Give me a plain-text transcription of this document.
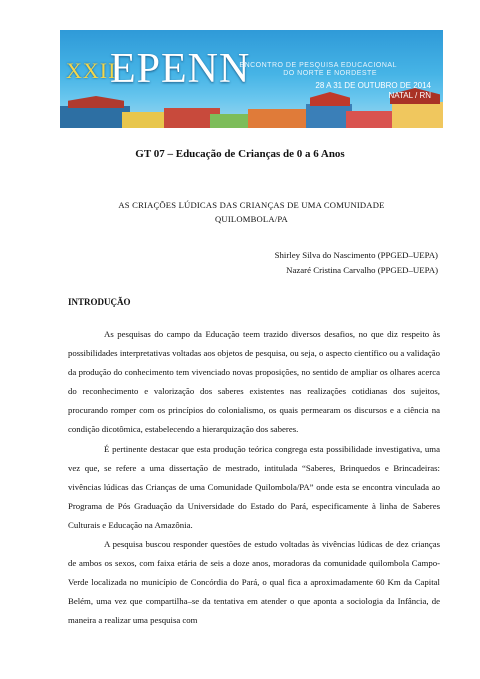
XXII
EPENN
ENCONTRO DE PESQUISA EDUCACIONAL
DO NORTE E NORDESTE
28 A 31 DE OUTUBRO DE 2014
NATAL / RN
GT 07 – Educação de Crianças de 0 a 6 Anos
AS CRIAÇÕES LÚDICAS DAS CRIANÇAS DE UMA COMUNIDADE
QUILOMBOLA/PA
Shirley Silva do Nascimento (PPGED–UEPA)
Nazaré Cristina Carvalho (PPGED–UEPA)
INTRODUÇÃO

As pesquisas do campo da Educação teem trazido diversos desafios, no que diz respeito às possibilidades interpretativas voltadas aos objetos de pesquisa, ou seja, o aspecto científico ou a validação da produção do conhecimento tem vivenciado novas proposições, no sentido de ampliar os olhares acerca do reconhecimento e valorização dos saberes existentes nas realizações cotidianas dos sujeitos, procurando romper com os princípios do colonialismo, os quais permearam os discursos e a ciência na condição dicotômica, estabelecendo a hierarquização dos saberes.

É pertinente destacar que esta produção teórica congrega esta possibilidade investigativa, uma vez que, se refere a uma dissertação de mestrado, intitulada “Saberes, Brinquedos e Brincadeiras: vivências lúdicas das Crianças de uma Comunidade Quilombola/PA” onde esta se encontra vinculada ao Programa de Pós Graduação da Universidade do Estado do Pará, especificamente à linha de Saberes Culturais e Educação na Amazônia.

A pesquisa buscou responder questões de estudo voltadas às vivências lúdicas de dez crianças de ambos os sexos, com faixa etária de seis a doze anos, moradoras da comunidade quilombola Campo-Verde localizada no município de Concórdia do Pará, o qual fica a aproximadamente 60 Km da Capital Belém, uma vez que compartilha–se da tentativa em atender o que aponta a sociologia da Infância, de maneira a realizar uma pesquisa com
